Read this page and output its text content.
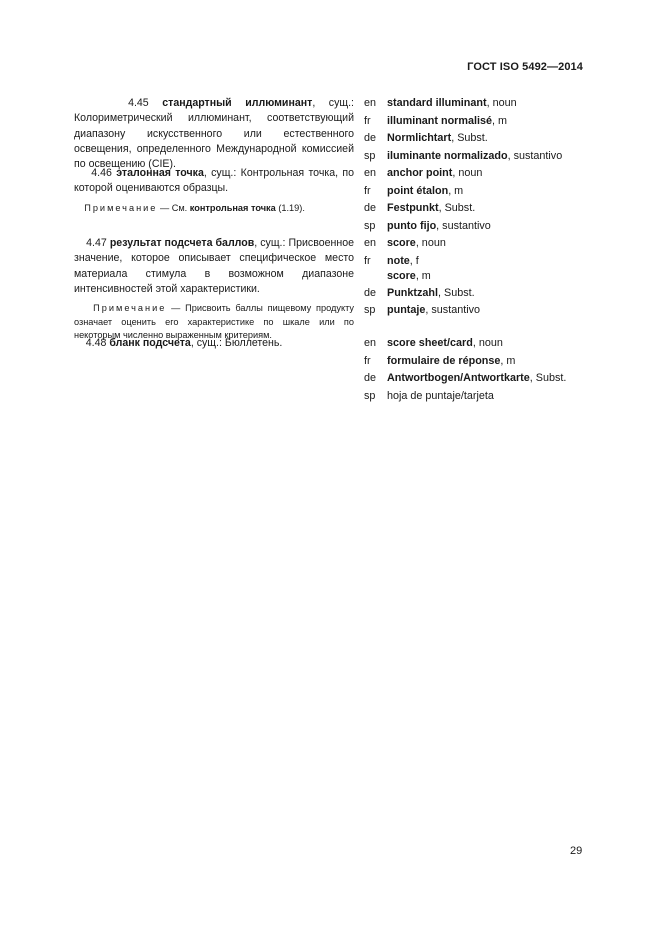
ГОСТ ISO 5492—2014

4.45 стандартный иллюминант, сущ.: Колориметрический иллюминант, соответствующий диапазону искусственного или естественного освещения, определенного Международной комиссией по освещению (CIE).

en standard illuminant, noun
fr illuminant normalisé, m
de Normlichtart, Subst.
sp iluminante normalizado, sustantivo

4.46 эталонная точка, сущ.: Контрольная точка, по которой оцениваются образцы.

Примечание — См. контрольная точка (1.19).

en anchor point, noun
fr point étalon, m
de Festpunkt, Subst.
sp punto fijo, sustantivo

4.47 результат подсчета баллов, сущ.: Присвоенное значение, которое описывает специфическое место материала стимула в возможном диапазоне интенсивностей этой характеристики.

Примечание — Присвоить баллы пищевому продукту означает оценить его характеристике по шкале или по некоторым численно выраженным критериям.

en score, noun
fr note, f
score, m
de Punktzahl, Subst.
sp puntaje, sustantivo

4.48 бланк подсчета, сущ.: Бюллетень.	en score sheet/card, noun
fr formulaire de réponse, m
de Antwortbogen/Antwortkarte, Subst.
sp hoja de puntaje/tarjeta
29
